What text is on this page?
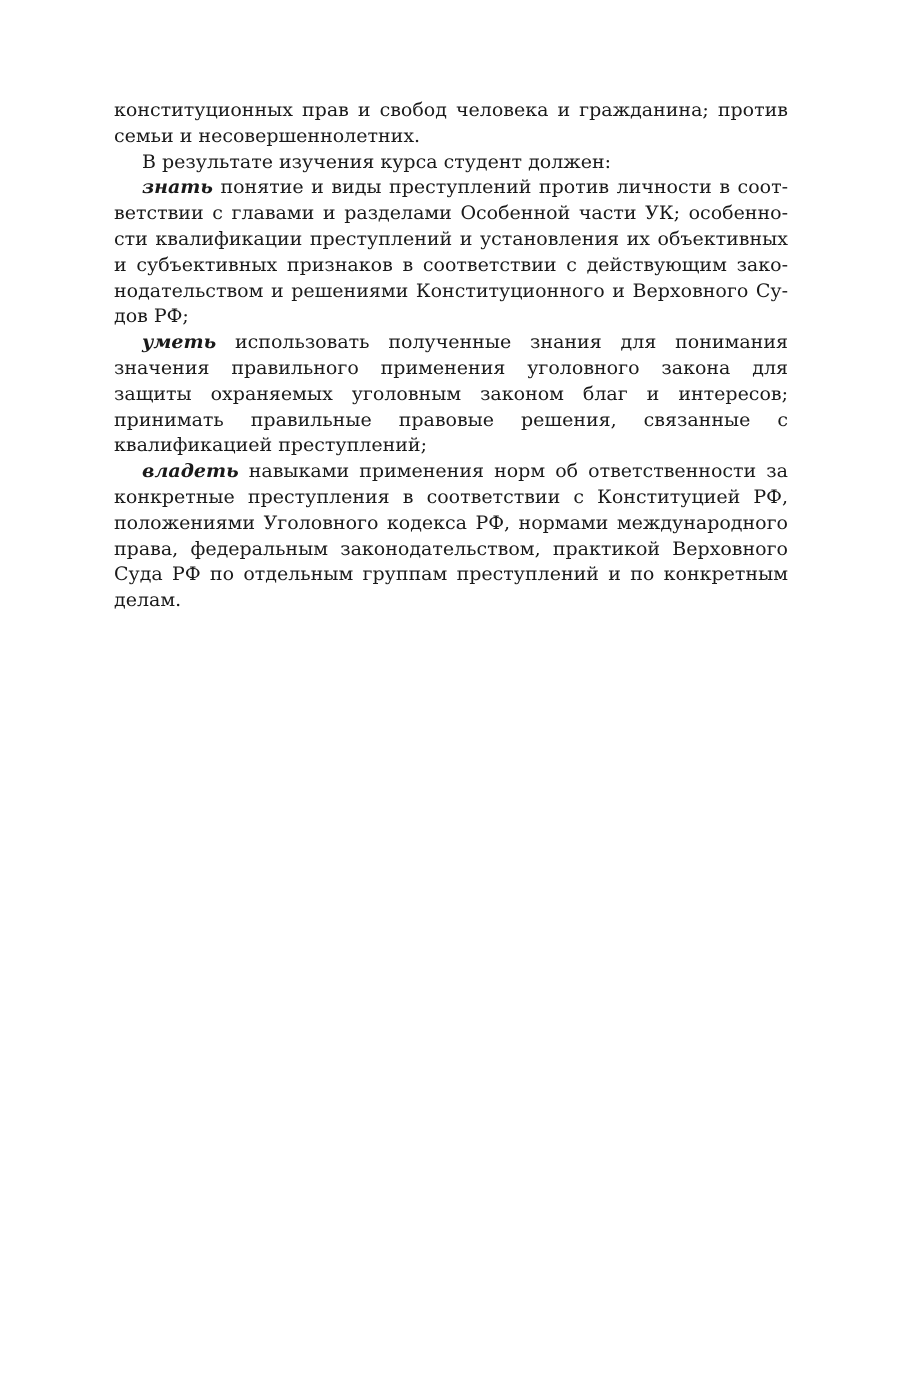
конституционных прав и свобод человека и гражданина; против семьи и несовершеннолетних.

В результате изучения курса студент должен:

знать понятие и виды преступлений против личности в соответствии с главами и разделами Особенной части УК; особенности квалификации преступлений и установления их объективных и субъективных признаков в соответствии с действующим законодательством и решениями Конституционного и Верховного Судов РФ;

уметь использовать полученные знания для понимания значения правильного применения уголовного закона для защиты охраняемых уголовным законом благ и интересов; принимать правильные правовые решения, связанные с квалификацией преступлений;

владеть навыками применения норм об ответственности за конкретные преступления в соответствии с Конституцией РФ, положениями Уголовного кодекса РФ, нормами международного права, федеральным законодательством, практикой Верховного Суда РФ по отдельным группам преступлений и по конкретным делам.
